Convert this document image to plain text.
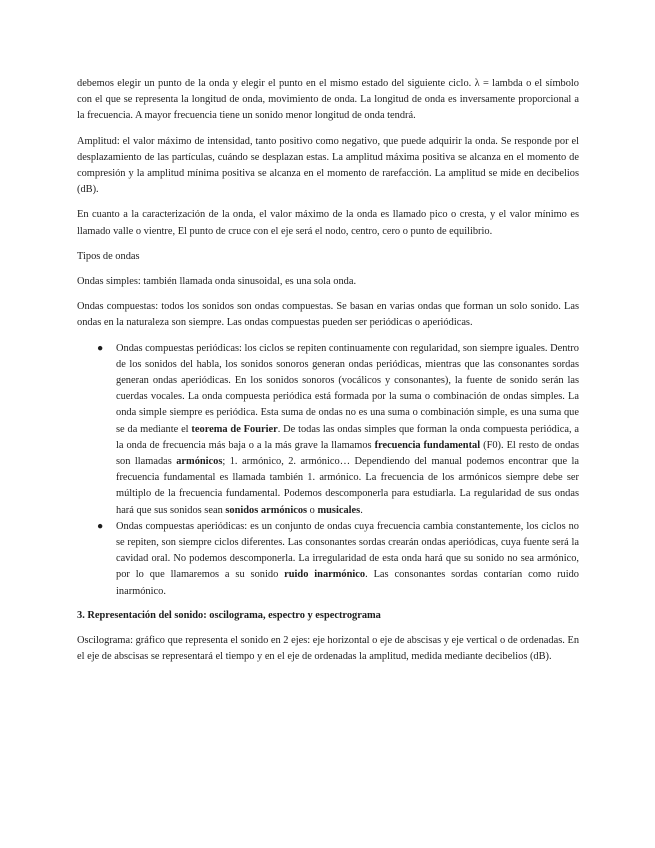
debemos elegir un punto de la onda y elegir el punto en el mismo estado del siguiente ciclo. λ = lambda o el símbolo con el que se representa la longitud de onda, movimiento de onda. La longitud de onda es inversamente proporcional a la frecuencia. A mayor frecuencia tiene un sonido menor longitud de onda tendrá.

Amplitud: el valor máximo de intensidad, tanto positivo como negativo, que puede adquirir la onda. Se responde por el desplazamiento de las partículas, cuándo se desplazan estas. La amplitud máxima positiva se alcanza en el momento de compresión y la amplitud mínima positiva se alcanza en el momento de rarefacción. La amplitud se mide en decibelios (dB).

En cuanto a la caracterización de la onda, el valor máximo de la onda es llamado pico o cresta, y el valor mínimo es llamado valle o vientre, El punto de cruce con el eje será el nodo, centro, cero o punto de equilibrio.

Tipos de ondas

Ondas simples: también llamada onda sinusoidal, es una sola onda.

Ondas compuestas: todos los sonidos son ondas compuestas. Se basan en varias ondas que forman un solo sonido. Las ondas en la naturaleza son siempre. Las ondas compuestas pueden ser periódicas o aperiódicas.

● Ondas compuestas periódicas: los ciclos se repiten continuamente con regularidad, son siempre iguales. Dentro de los sonidos del habla, los sonidos sonoros generan ondas periódicas, mientras que las consonantes sordas generan ondas aperiódicas. En los sonidos sonoros (vocálicos y consonantes), la fuente de sonido serán las cuerdas vocales. La onda compuesta periódica está formada por la suma o combinación de ondas simples. La onda simple siempre es periódica. Esta suma de ondas no es una suma o combinación simple, es una suma que se da mediante el teorema de Fourier. De todas las ondas simples que forman la onda compuesta periódica, a la onda de frecuencia más baja o a la más grave la llamamos frecuencia fundamental (F0). El resto de ondas son llamadas armónicos; 1. armónico, 2. armónico… Dependiendo del manual podemos encontrar que la frecuencia fundamental es llamada también 1. armónico. La frecuencia de los armónicos siempre debe ser múltiplo de la frecuencia fundamental. Podemos descomponerla para estudiarla. La regularidad de sus ondas hará que sus sonidos sean sonidos armónicos o musicales.
● Ondas compuestas aperiódicas: es un conjunto de ondas cuya frecuencia cambia constantemente, los ciclos no se repiten, son siempre ciclos diferentes. Las consonantes sordas crearán ondas aperiódicas, cuya fuente será la cavidad oral. No podemos descomponerla. La irregularidad de esta onda hará que su sonido no sea armónico, por lo que llamaremos a su sonido ruido inarmónico. Las consonantes sordas contarían como ruido inarmónico.
3. Representación del sonido: oscilograma, espectro y espectrograma

Oscilograma: gráfico que representa el sonido en 2 ejes: eje horizontal o eje de abscisas y eje vertical o de ordenadas. En el eje de abscisas se representará el tiempo y en el eje de ordenadas la amplitud, medida mediante decibelios (dB).
